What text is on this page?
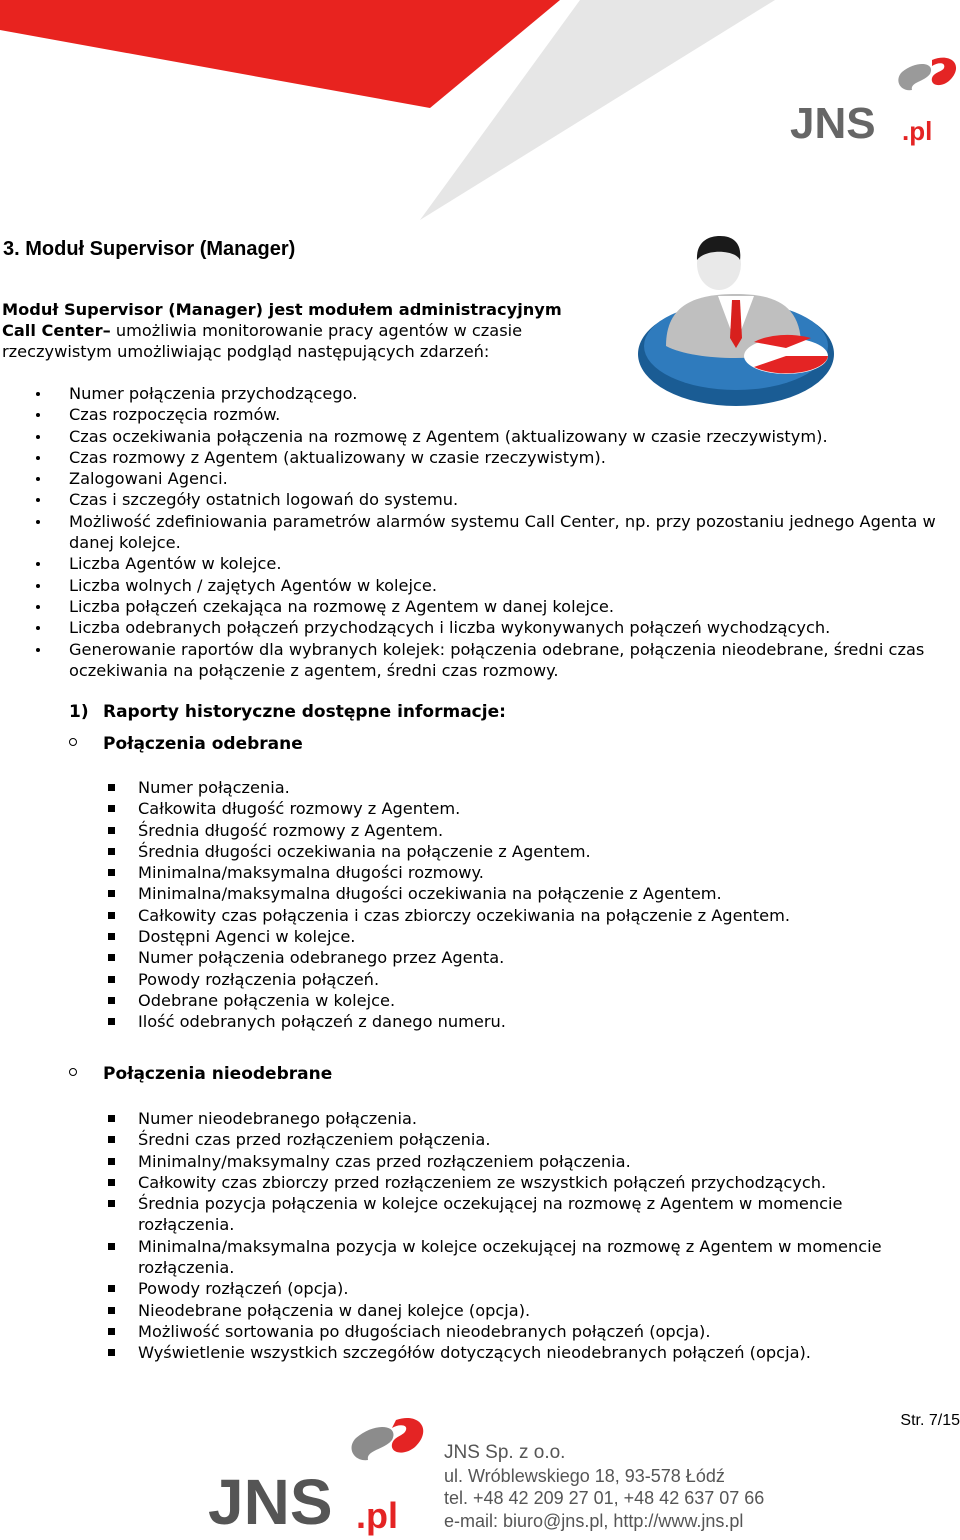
JNS .pl
3. Moduł Supervisor (Manager)

Moduł Supervisor (Manager) jest modułem administracyjnym Call Center– umożliwia monitorowanie pracy agentów w czasie rzeczywistym umożliwiając podgląd następujących zdarzeń:

Numer połączenia przychodzącego.
Czas rozpoczęcia rozmów.
Czas oczekiwania połączenia na rozmowę z Agentem (aktualizowany w czasie rzeczywistym).
Czas rozmowy z Agentem (aktualizowany w czasie rzeczywistym).
Zalogowani Agenci.
Czas i szczegóły ostatnich logowań do systemu.
Możliwość zdefiniowania parametrów alarmów systemu Call Center, np. przy pozostaniu jednego Agenta w danej kolejce.
Liczba Agentów w kolejce.
Liczba wolnych / zajętych Agentów w kolejce.
Liczba połączeń czekająca na rozmowę z Agentem w danej kolejce.
Liczba odebranych połączeń przychodzących i liczba wykonywanych połączeń wychodzących.
Generowanie raportów dla wybranych kolejek: połączenia odebrane, połączenia nieodebrane, średni czas oczekiwania na połączenie z agentem, średni czas rozmowy.
1) Raporty historyczne dostępne informacje:
Połączenia odebrane
Numer połączenia.
Całkowita długość rozmowy z Agentem.
Średnia długość rozmowy z Agentem.
Średnia długości oczekiwania na połączenie z Agentem.
Minimalna/maksymalna długości rozmowy.
Minimalna/maksymalna długości oczekiwania na połączenie z Agentem.
Całkowity czas połączenia i czas zbiorczy oczekiwania na połączenie z Agentem.
Dostępni Agenci w kolejce.
Numer połączenia odebranego przez Agenta.
Powody rozłączenia połączeń.
Odebrane połączenia w kolejce.
Ilość odebranych połączeń z danego numeru.
Połączenia nieodebrane
Numer nieodebranego połączenia.
Średni czas przed rozłączeniem połączenia.
Minimalny/maksymalny czas przed rozłączeniem połączenia.
Całkowity czas zbiorczy przed rozłączeniem ze wszystkich połączeń przychodzących.
Średnia pozycja połączenia w kolejce oczekującej na rozmowę z Agentem w momencie rozłączenia.
Minimalna/maksymalna pozycja w kolejce oczekującej na rozmowę z Agentem w momencie rozłączenia.
Powody rozłączeń (opcja).
Nieodebrane połączenia w danej kolejce (opcja).
Możliwość sortowania po długościach nieodebranych połączeń (opcja).
Wyświetlenie wszystkich szczegółów dotyczących nieodebranych połączeń (opcja).
Str. 7/15
JNS .pl
JNS Sp. z o.o.
ul. Wróblewskiego 18, 93-578 Łódź
tel. +48 42 209 27 01, +48 42 637 07 66
e-mail: biuro@jns.pl, http://www.jns.pl
